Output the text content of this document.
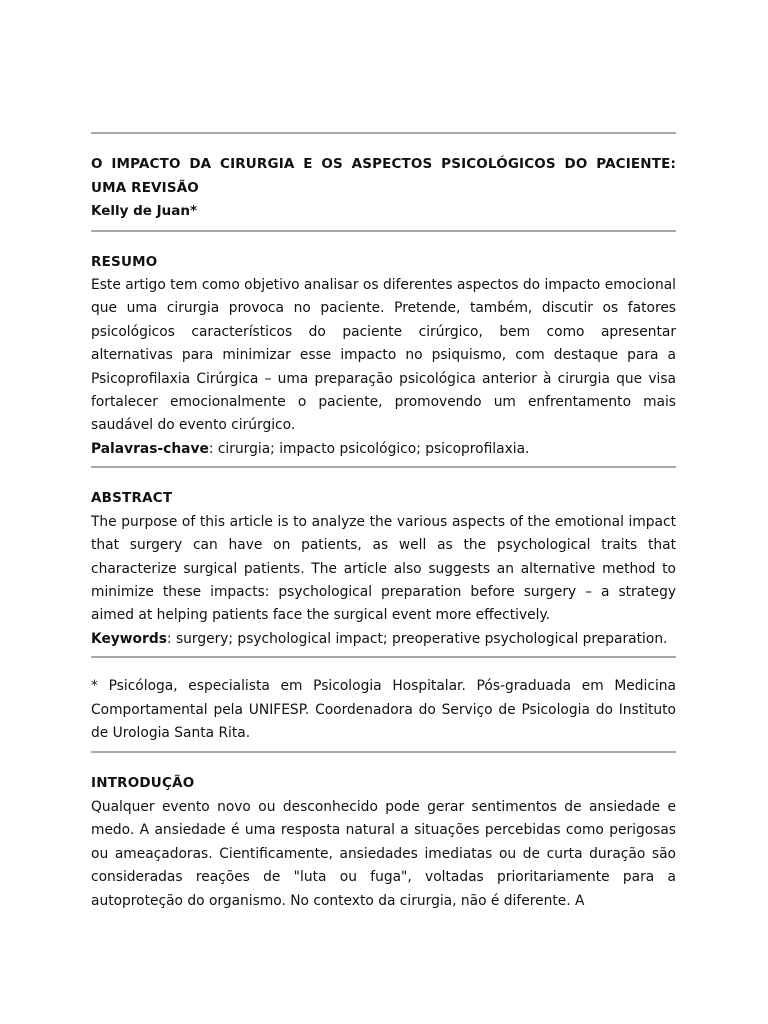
O IMPACTO DA CIRURGIA E OS ASPECTOS PSICOLÓGICOS DO PACIENTE: UMA REVISÃO

Kelly de Juan*

RESUMO

Este artigo tem como objetivo analisar os diferentes aspectos do impacto emocional que uma cirurgia provoca no paciente. Pretende, também, discutir os fatores psicológicos característicos do paciente cirúrgico, bem como apresentar alternativas para minimizar esse impacto no psiquismo, com destaque para a Psicoprofilaxia Cirúrgica – uma preparação psicológica anterior à cirurgia que visa fortalecer emocionalmente o paciente, promovendo um enfrentamento mais saudável do evento cirúrgico.

Palavras-chave: cirurgia; impacto psicológico; psicoprofilaxia.

ABSTRACT

The purpose of this article is to analyze the various aspects of the emotional impact that surgery can have on patients, as well as the psychological traits that characterize surgical patients. The article also suggests an alternative method to minimize these impacts: psychological preparation before surgery – a strategy aimed at helping patients face the surgical event more effectively.

Keywords: surgery; psychological impact; preoperative psychological preparation.

* Psicóloga, especialista em Psicologia Hospitalar. Pós-graduada em Medicina Comportamental pela UNIFESP. Coordenadora do Serviço de Psicologia do Instituto de Urologia Santa Rita.

INTRODUÇÃO

Qualquer evento novo ou desconhecido pode gerar sentimentos de ansiedade e medo. A ansiedade é uma resposta natural a situações percebidas como perigosas ou ameaçadoras. Cientificamente, ansiedades imediatas ou de curta duração são consideradas reações de "luta ou fuga", voltadas prioritariamente para a autoproteção do organismo. No contexto da cirurgia, não é diferente. A
